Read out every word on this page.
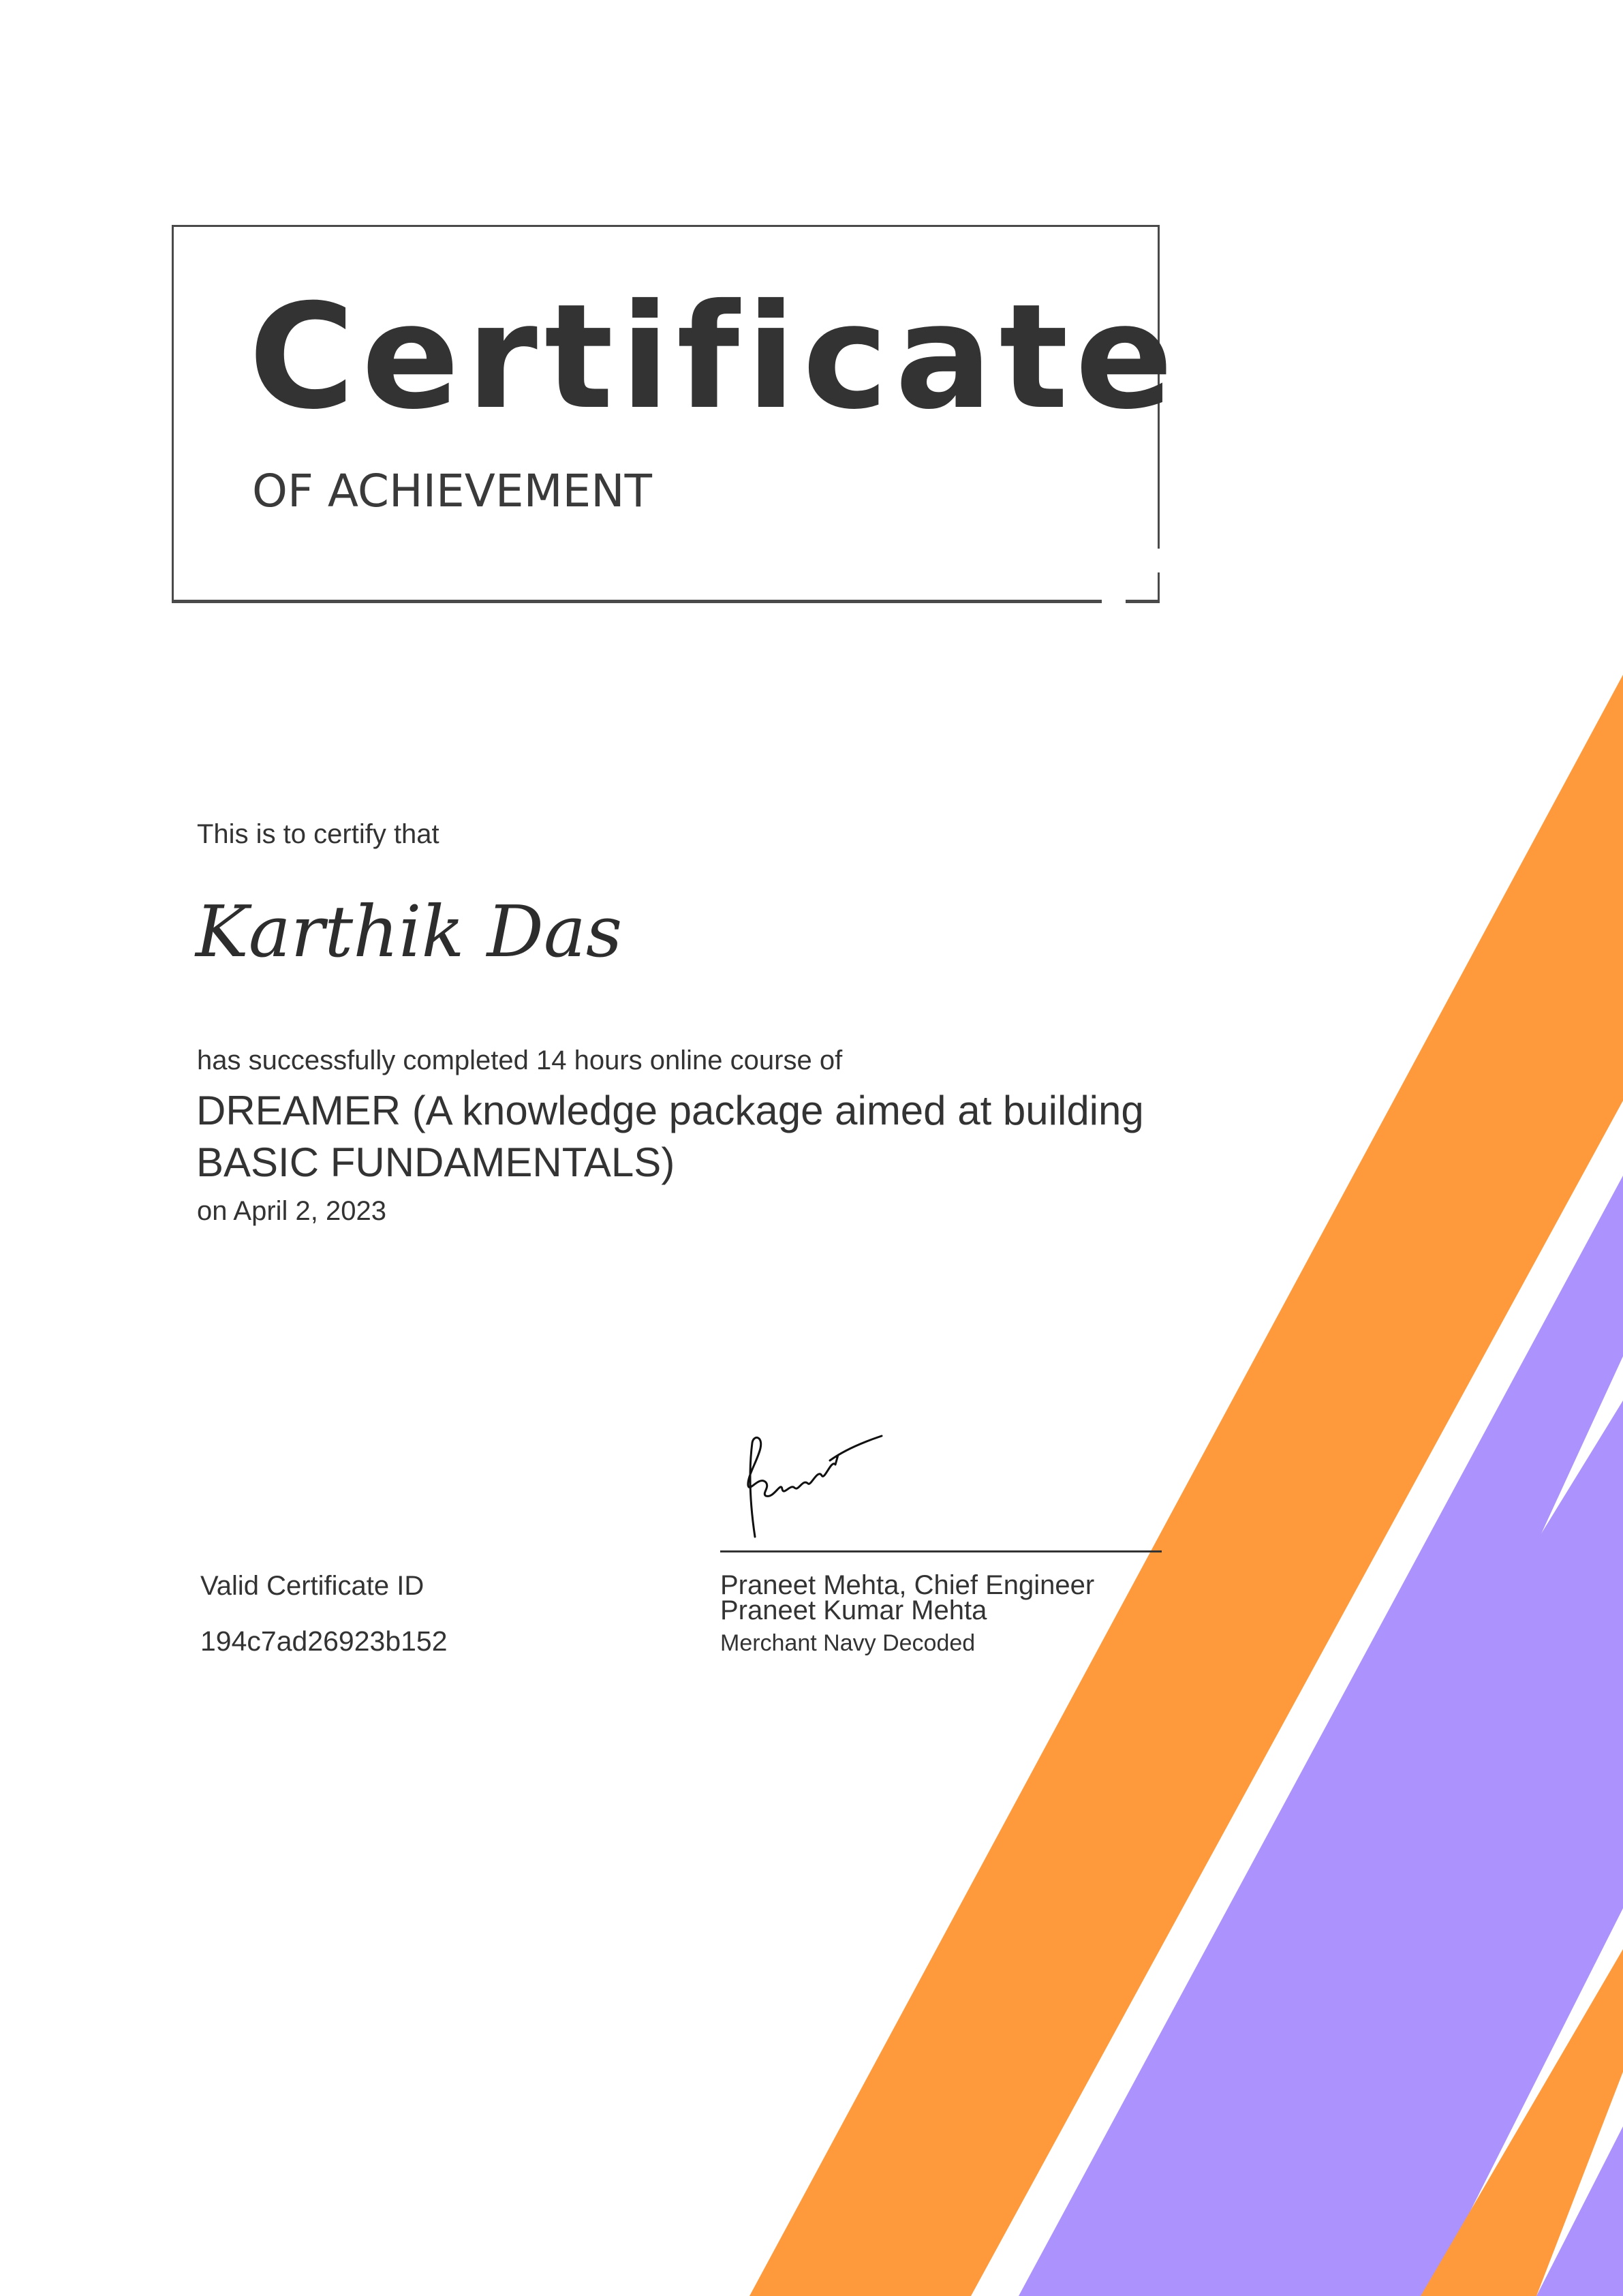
Certificate
OF ACHIEVEMENT
This is to certify that
Karthik Das
has successfully completed 14 hours online course of
DREAMER (A knowledge package aimed at building BASIC FUNDAMENTALS)
on April 2, 2023
Valid Certificate ID
194c7ad26923b152
Praneet Mehta, Chief Engineer
Praneet Kumar Mehta
Merchant Navy Decoded
